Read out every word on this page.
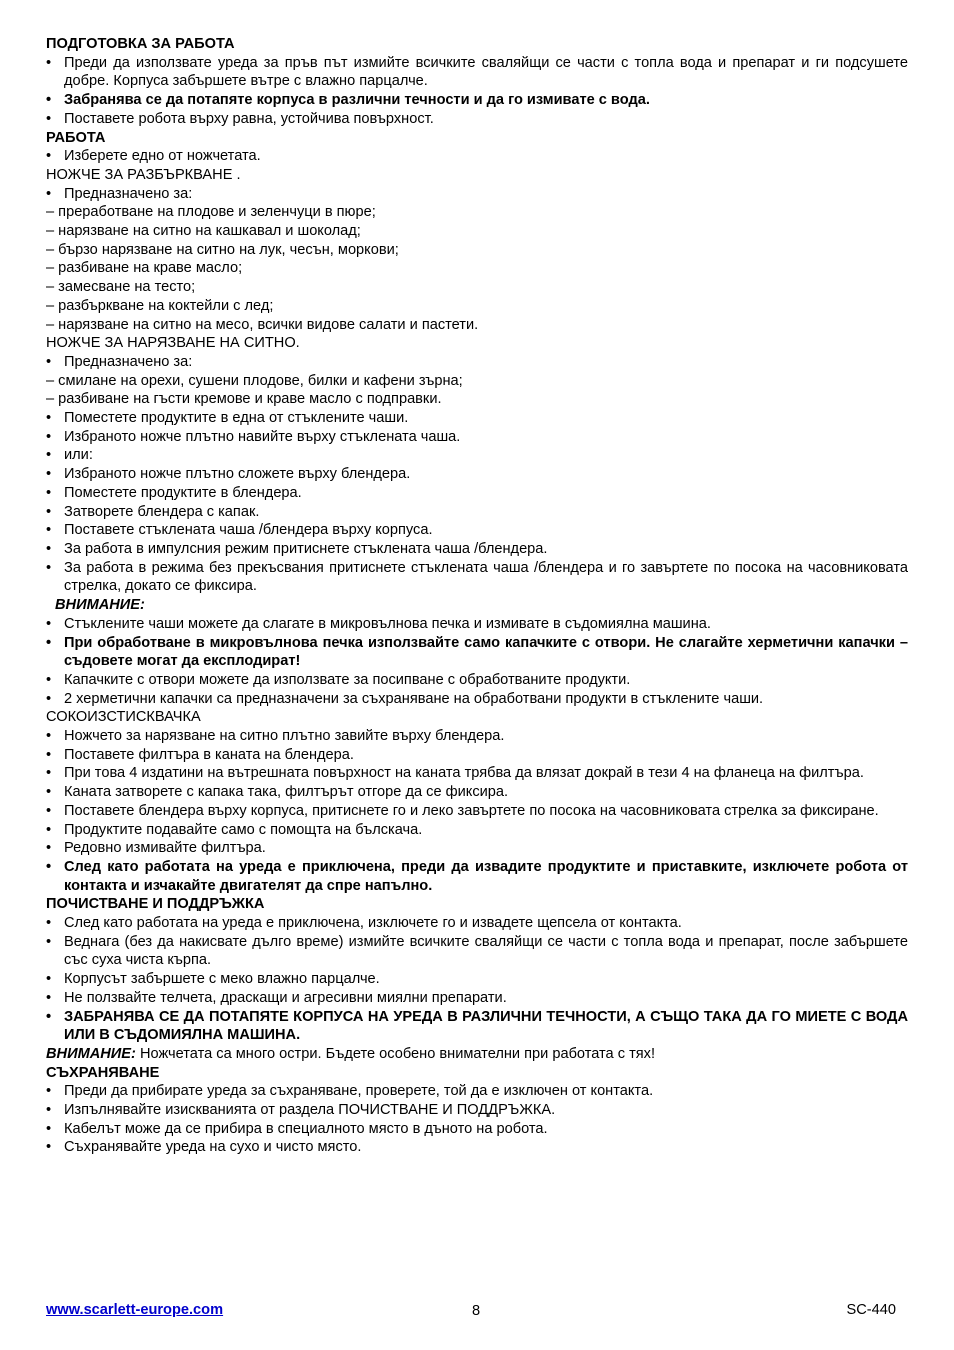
ПОДГОТОВКА ЗА РАБОТА
• Преди да използвате уреда за пръв път измийте всичките сваляйщи се части с топла вода и препарат и ги подсушете добре. Корпуса забършете вътре с влажно парцалче.
• Забранява се да потапяте корпуса в различни течности и да го измивате с вода.
• Поставете робота върху равна, устойчива повърхност.
РАБОТА
• Изберете едно от ножчетата.
НОЖЧЕ ЗА РАЗБЪРКВАНЕ .
• Предназначено за:
– преработване на плодове и зеленчуци в пюре;
– нарязване на ситно на кашкавал и шоколад;
– бързо нарязване на ситно на лук, чесън, моркови;
– разбиване на краве масло;
– замесване на тесто;
– разбъркване на коктейли с лед;
– нарязване на ситно на месо, всички видове салати и пастети.
НОЖЧЕ ЗА НАРЯЗВАНЕ НА СИТНО.
• Предназначено за:
– смилане на орехи, сушени плодове, билки и кафени зърна;
– разбиване на гъсти кремове и краве масло с подправки.
• Поместете продуктите в една от стъклените чаши.
• Избраното ножче плътно навийте върху стъклената чаша.
• или:
• Избраното ножче плътно сложете върху блендера.
• Поместете продуктите в блендера.
• Затворете блендера с капак.
• Поставете стъклената чаша /блендера върху корпуса.
• За работа в импулсния режим притиснете стъклената чаша /блендера.
• За работа в режима без прекъсвания притиснете стъклената чаша /блендера и го завъртете по посока на часовниковата стрелка, докато се фиксира.
ВНИМАНИЕ:
• Стъклените чаши можете да слагате в микровълнова печка и измивате в съдомиялна машина.
• При обработване в микровълнова печка използвайте само капачките с отвори. Не слагайте херметични капачки – съдовете могат да експлодират!
• Капачките с отвори можете да използвате за посипване с обработваните продукти.
• 2 херметични капачки са предназначени за съхраняване на обработвани продукти в стъклените чаши.
СОКОИЗСТИСКВАЧКА
• Ножчето за нарязване на ситно плътно завийте върху блендера.
• Поставете филтъра в каната на блендера.
• При това 4 издатини на вътрешната повърхност на каната трябва да влязат докрай в тези 4 на фланеца на филтъра.
• Каната затворете с капака така, филтърът отгоре да се фиксира.
• Поставете блендера върху корпуса, притиснете го и леко завъртете по посока на часовниковата стрелка за фиксиране.
• Продуктите подавайте само с помощта на бълскача.
• Редовно измивайте филтъра.
• След като работата на уреда е приключена, преди да извадите продуктите и приставките, изключете робота от контакта и изчакайте двигателят да спре напълно.
ПОЧИСТВАНЕ И ПОДДРЪЖКА
• След като работата на уреда е приключена, изключете го и извадете щепсела от контакта.
• Веднага (без да накисвате дълго време) измийте всичките сваляйщи се части с топла вода и препарат, после забършете със суха чиста кърпа.
• Корпусът забършете с меко влажно парцалче.
• Не ползвайте телчета, драскащи и агресивни миялни препарати.
• ЗАБРАНЯВА СЕ ДА ПОТАПЯТЕ КОРПУСА НА УРЕДА В РАЗЛИЧНИ ТЕЧНОСТИ, А СЪЩО ТАКА ДА ГО МИЕТЕ С ВОДА ИЛИ В СЪДОМИЯЛНА МАШИНА.
ВНИМАНИЕ: Ножчетата са много остри. Бъдете особено внимателни при работата с тях!
СЪХРАНЯВАНЕ
• Преди да прибирате уреда за съхраняване, проверете, той да е изключен от контакта.
• Изпълнявайте изискванията от раздела ПОЧИСТВАНЕ И ПОДДРЪЖКА.
• Кабелът може да се прибира в специалното място в дъното на робота.
• Съхранявайте уреда на сухо и чисто място.
www.scarlett-europe.com	8	SC-440
